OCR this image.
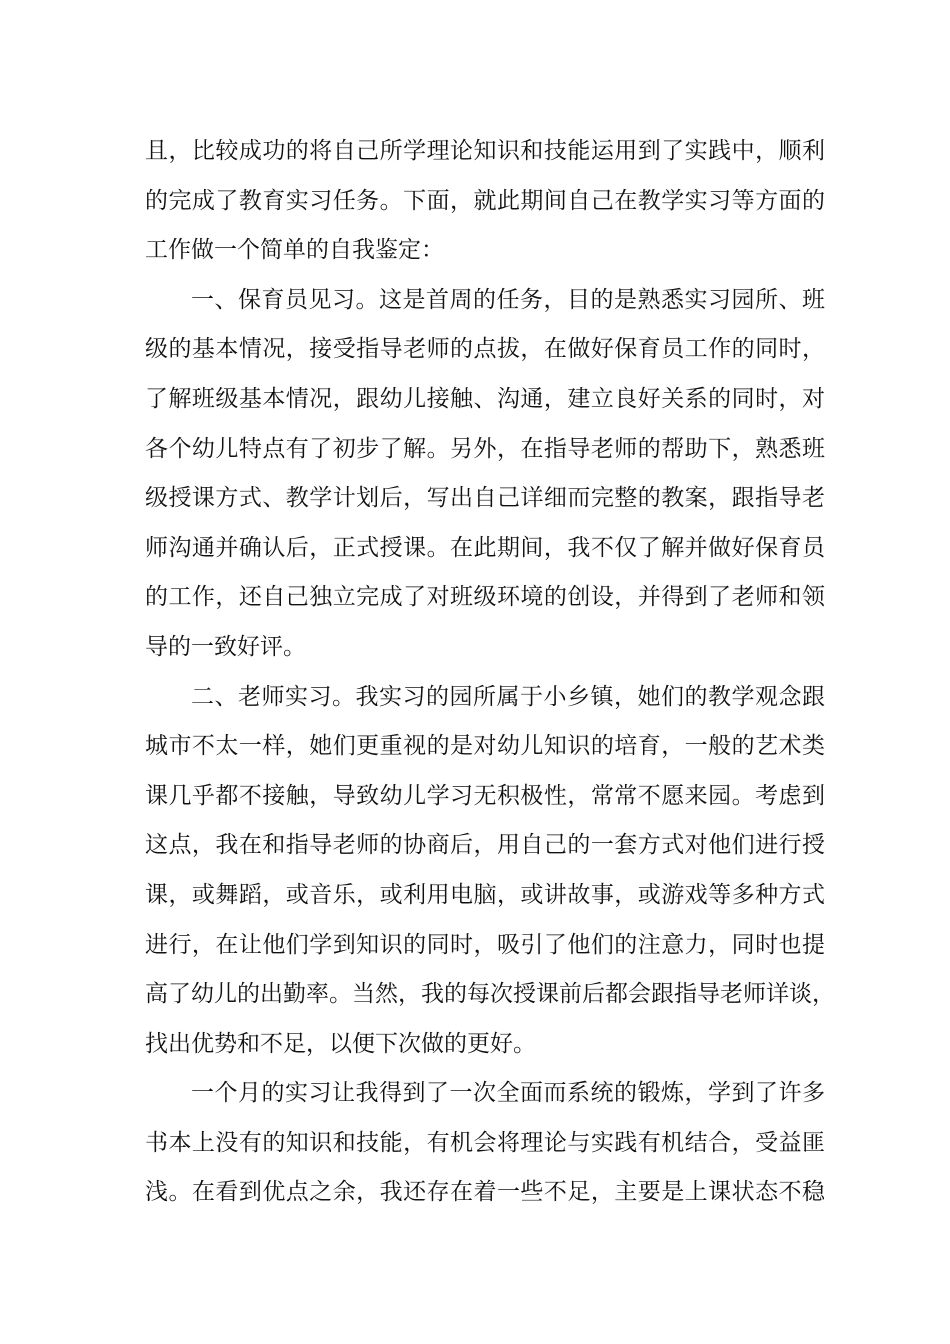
且，比较成功的将自己所学理论知识和技能运用到了实践中，顺利
的完成了教育实习任务。下面，就此期间自己在教学实习等方面的
工作做一个简单的自我鉴定：
一、保育员见习。这是首周的任务，目的是熟悉实习园所、班
级的基本情况，接受指导老师的点拔，在做好保育员工作的同时，
了解班级基本情况，跟幼儿接触、沟通，建立良好关系的同时，对
各个幼儿特点有了初步了解。另外，在指导老师的帮助下，熟悉班
级授课方式、教学计划后，写出自己详细而完整的教案，跟指导老
师沟通并确认后，正式授课。在此期间，我不仅了解并做好保育员
的工作，还自己独立完成了对班级环境的创设，并得到了老师和领
导的一致好评。
二、老师实习。我实习的园所属于小乡镇，她们的教学观念跟
城市不太一样，她们更重视的是对幼儿知识的培育，一般的艺术类
课几乎都不接触，导致幼儿学习无积极性，常常不愿来园。考虑到
这点，我在和指导老师的协商后，用自己的一套方式对他们进行授
课，或舞蹈，或音乐，或利用电脑，或讲故事，或游戏等多种方式
进行，在让他们学到知识的同时，吸引了他们的注意力，同时也提
高了幼儿的出勤率。当然，我的每次授课前后都会跟指导老师详谈，
找出优势和不足，以便下次做的更好。
一个月的实习让我得到了一次全面而系统的锻炼，学到了许多
书本上没有的知识和技能，有机会将理论与实践有机结合，受益匪
浅。在看到优点之余，我还存在着一些不足，主要是上课状态不稳
